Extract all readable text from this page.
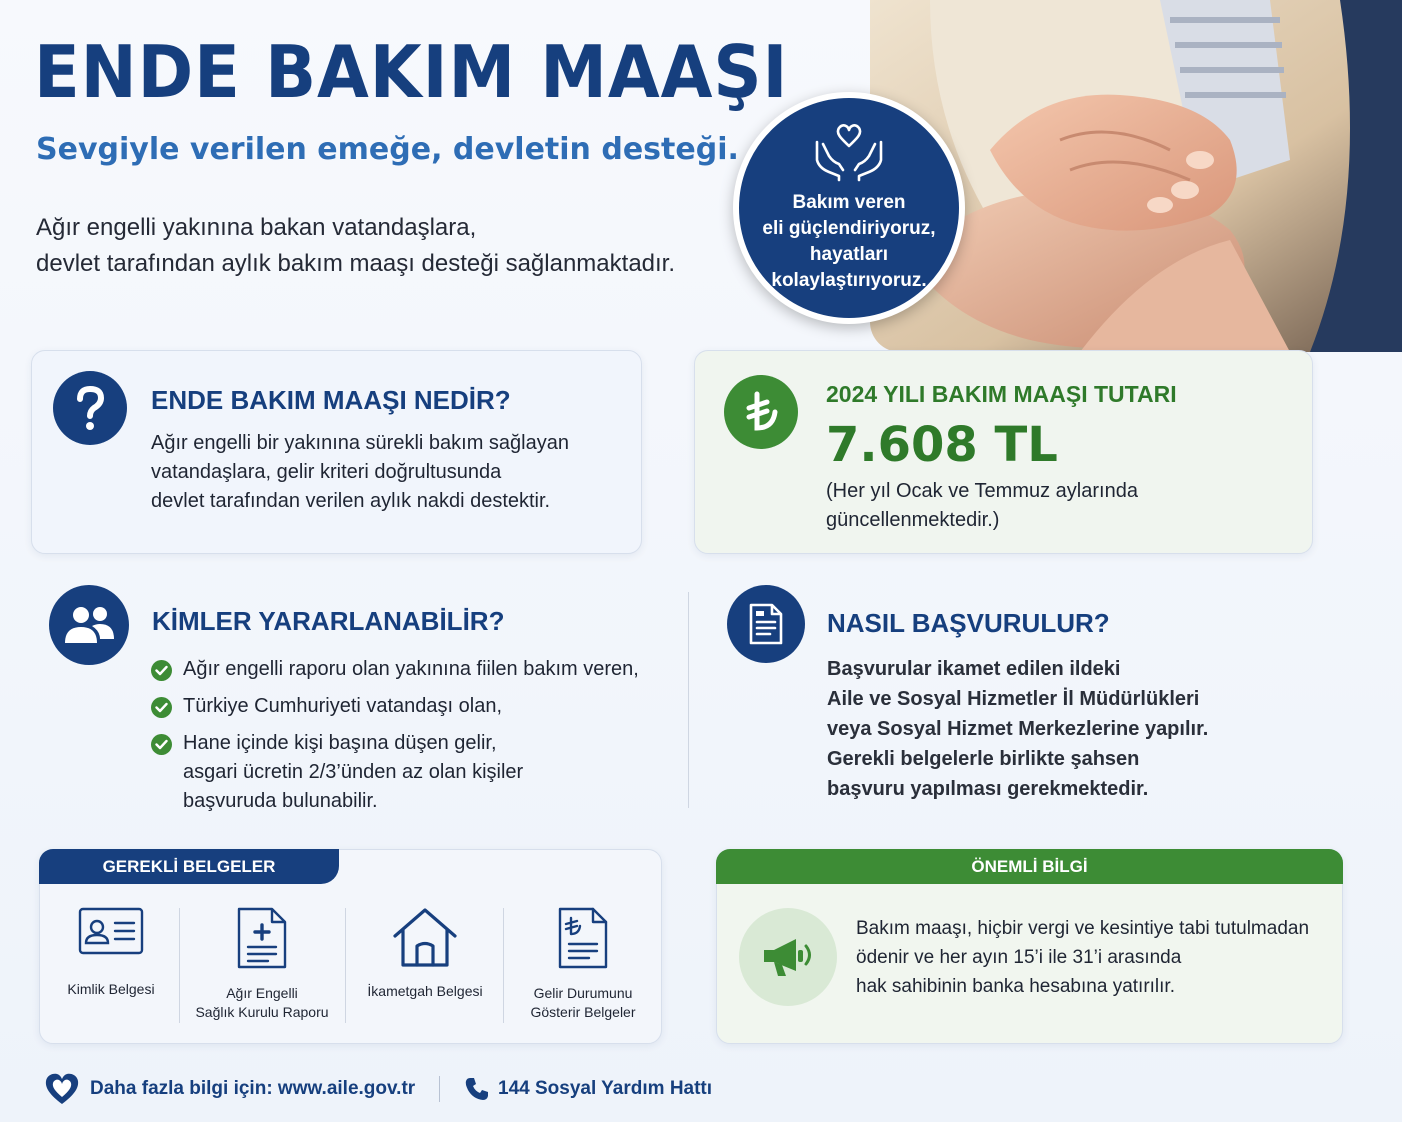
ENDE BAKIM MAAŞI
Sevgiyle verilen emeğe, devletin desteği.
Ağır engelli yakınına bakan vatandaşlara,
devlet tarafından aylık bakım maaşı desteği sağlanmaktadır.
Bakım veren
eli güçlendiriyoruz,
hayatları
kolaylaştırıyoruz.
ENDE BAKIM MAAŞI NEDİR?
Ağır engelli bir yakınına sürekli bakım sağlayan
vatandaşlara, gelir kriteri doğrultusunda
devlet tarafından verilen aylık nakdi destektir.
2024 YILI BAKIM MAAŞI TUTARI
7.608 TL
(Her yıl Ocak ve Temmuz aylarında
güncellenmektedir.)
KİMLER YARARLANABİLİR?
Ağır engelli raporu olan yakınına fiilen bakım veren,
Türkiye Cumhuriyeti vatandaşı olan,
Hane içinde kişi başına düşen gelir,
asgari ücretin 2/3’ünden az olan kişiler
başvuruda bulunabilir.
NASIL BAŞVURULUR?
Başvurular ikamet edilen ildeki
Aile ve Sosyal Hizmetler İl Müdürlükleri
veya Sosyal Hizmet Merkezlerine yapılır.
Gerekli belgelerle birlikte şahsen
başvuru yapılması gerekmektedir.
GEREKLİ BELGELER
Kimlik Belgesi	Ağır Engelli
Sağlık Kurulu Raporu
İkametgah Belgesi	Gelir Durumunu
Gösterir Belgeler
ÖNEMLİ BİLGİ
Bakım maaşı, hiçbir vergi ve kesintiye tabi tutulmadan
ödenir ve her ayın 15’i ile 31’i arasında
hak sahibinin banka hesabına yatırılır.
Daha fazla bilgi için: www.aile.gov.tr	144 Sosyal Yardım Hattı
